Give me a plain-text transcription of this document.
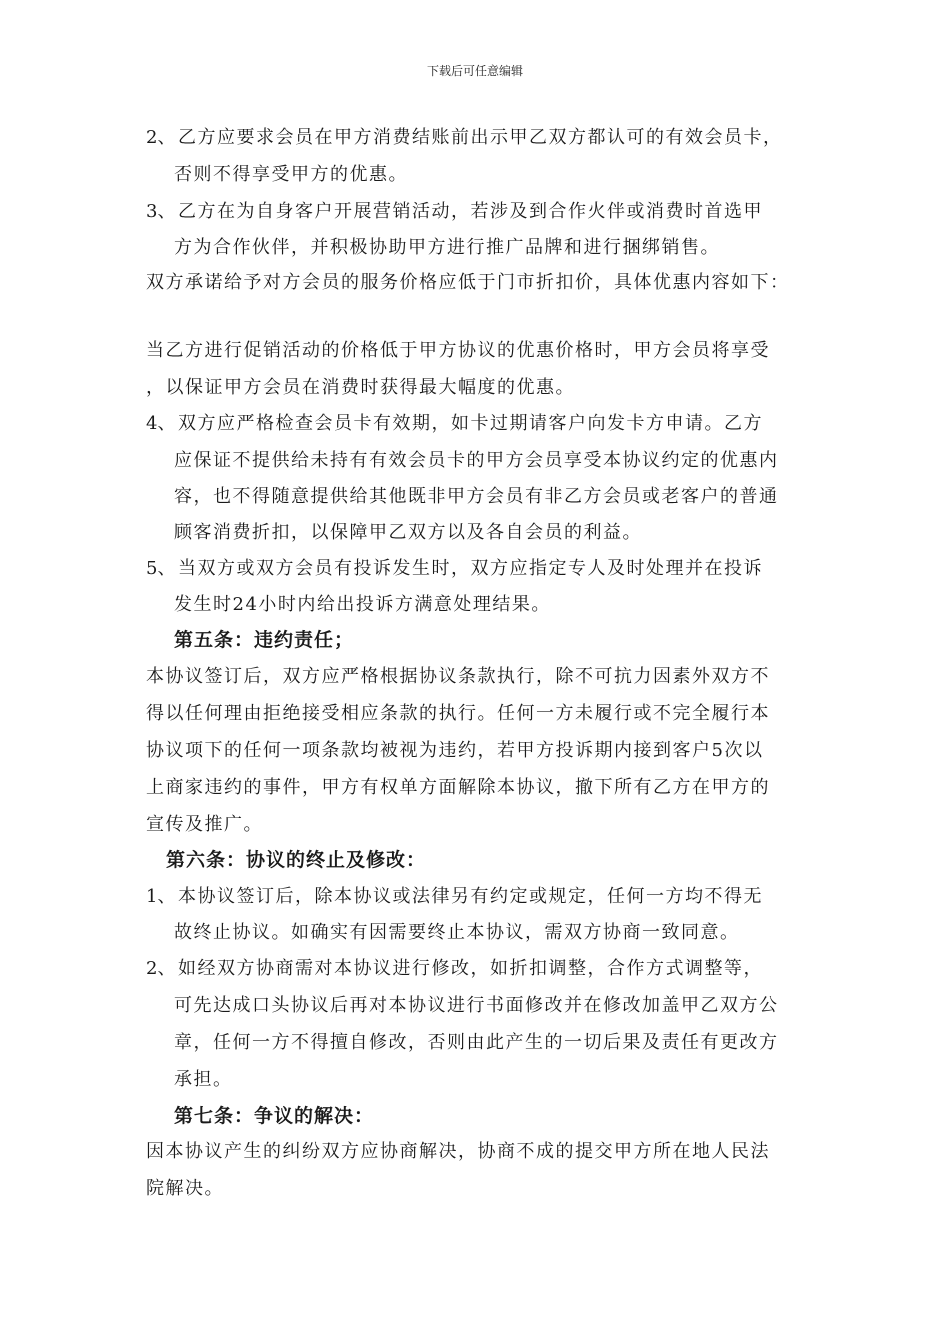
下载后可任意编辑
2、 乙方应要求会员在甲方消费结账前出示甲乙双方都认可的有效会员卡，
否则不得享受甲方的优惠。
3、 乙方在为自身客户开展营销活动，若涉及到合作火伴或消费时首选甲
方为合作伙伴，并积极协助甲方进行推广品牌和进行捆绑销售。
双方承诺给予对方会员的服务价格应低于门市折扣价，具体优惠内容如下：
当乙方进行促销活动的价格低于甲方协议的优惠价格时，甲方会员将享受
，以保证甲方会员在消费时获得最大幅度的优惠。
4、 双方应严格检查会员卡有效期，如卡过期请客户向发卡方申请。乙方
应保证不提供给未持有有效会员卡的甲方会员享受本协议约定的优惠内
容，也不得随意提供给其他既非甲方会员有非乙方会员或老客户的普通
顾客消费折扣，以保障甲乙双方以及各自会员的利益。
5、 当双方或双方会员有投诉发生时，双方应指定专人及时处理并在投诉
发生时24小时内给出投诉方满意处理结果。
第五条：违约责任；
本协议签订后，双方应严格根据协议条款执行，除不可抗力因素外双方不
得以任何理由拒绝接受相应条款的执行。任何一方未履行或不完全履行本
协议项下的任何一项条款均被视为违约，若甲方投诉期内接到客户5次以
上商家违约的事件，甲方有权单方面解除本协议，撤下所有乙方在甲方的
宣传及推广。
第六条：协议的终止及修改：
1、 本协议签订后，除本协议或法律另有约定或规定，任何一方均不得无
故终止协议。如确实有因需要终止本协议，需双方协商一致同意。
2、 如经双方协商需对本协议进行修改，如折扣调整，合作方式调整等，
可先达成口头协议后再对本协议进行书面修改并在修改加盖甲乙双方公
章，任何一方不得擅自修改，否则由此产生的一切后果及责任有更改方
承担。
第七条：争议的解决：
因本协议产生的纠纷双方应协商解决，协商不成的提交甲方所在地人民法
院解决。
